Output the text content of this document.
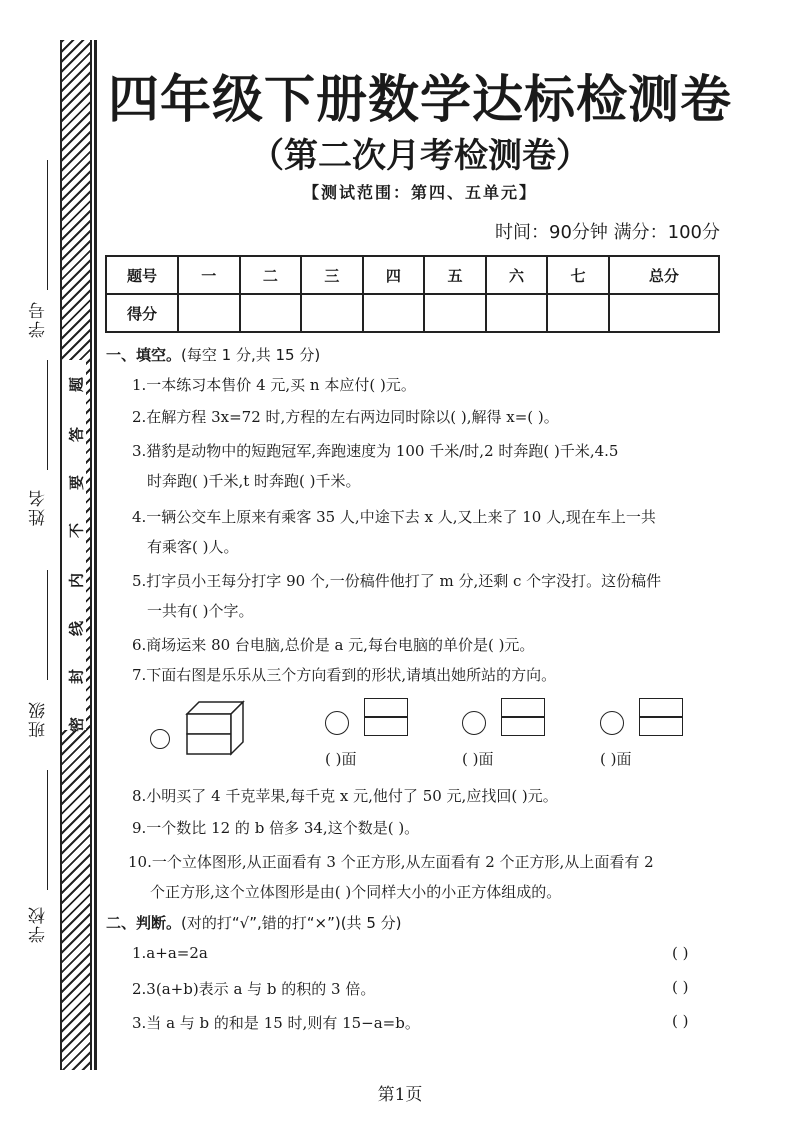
学号
姓名
班级
学校
题
答
要
不
内
线
封
密
四年级下册数学达标检测卷
（第二次月考检测卷）
【测试范围：第四、五单元】
时间：90分钟 满分：100分
题号	一	二	三	四	五	六	七	总分
得分								
一、填空。(每空 1 分,共 15 分)
1.一本练习本售价 4 元,买 n 本应付( )元。
2.在解方程 3x=72 时,方程的左右两边同时除以( ),解得 x=( )。
3.猎豹是动物中的短跑冠军,奔跑速度为 100 千米/时,2 时奔跑( )千米,4.5
时奔跑( )千米,t 时奔跑( )千米。
4.一辆公交车上原来有乘客 35 人,中途下去 x 人,又上来了 10 人,现在车上一共
有乘客( )人。
5.打字员小王每分打字 90 个,一份稿件他打了 m 分,还剩 c 个字没打。这份稿件
一共有( )个字。
6.商场运来 80 台电脑,总价是 a 元,每台电脑的单价是( )元。
7.下面右图是乐乐从三个方向看到的形状,请填出她所站的方向。
( )面	( )面	( )面
8.小明买了 4 千克苹果,每千克 x 元,他付了 50 元,应找回( )元。
9.一个数比 12 的 b 倍多 34,这个数是( )。
10.一个立体图形,从正面看有 3 个正方形,从左面看有 2 个正方形,从上面看有 2
个正方形,这个立体图形是由( )个同样大小的小正方体组成的。
二、判断。(对的打“√”,错的打“×”)(共 5 分)
1.a+a=2a	( )
2.3(a+b)表示 a 与 b 的积的 3 倍。	( )
3.当 a 与 b 的和是 15 时,则有 15−a=b。	( )
第1页
